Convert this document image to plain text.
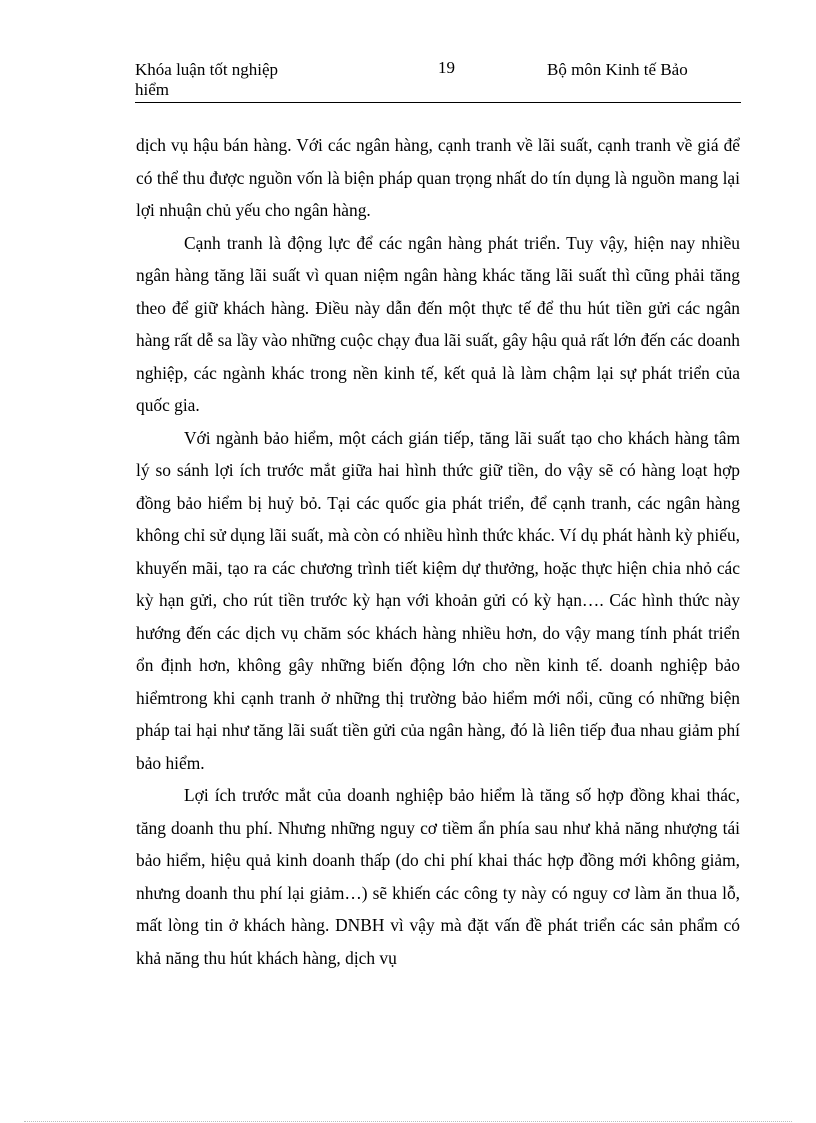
Khóa luận tốt nghiệp
hiểm
19	Bộ môn Kinh tế Bảo

dịch vụ hậu bán hàng. Với các ngân hàng, cạnh tranh về lãi suất, cạnh tranh về giá để có thể thu được nguồn vốn là biện pháp quan trọng nhất do tín dụng là nguồn mang lại lợi nhuận chủ yếu cho ngân hàng.

Cạnh tranh là động lực để các ngân hàng phát triển. Tuy vậy, hiện nay nhiều ngân hàng tăng lãi suất vì quan niệm ngân hàng khác tăng lãi suất thì cũng phải tăng theo để giữ khách hàng. Điều này dẫn đến một thực tế để thu hút tiền gửi các ngân hàng rất dễ sa lầy vào những cuộc chạy đua lãi suất, gây hậu quả rất lớn đến các doanh nghiệp, các ngành khác trong nền kinh tế, kết quả là làm chậm lại sự phát triển của quốc gia.

Với ngành bảo hiểm, một cách gián tiếp, tăng lãi suất tạo cho khách hàng tâm lý so sánh lợi ích trước mắt giữa hai hình thức giữ tiền, do vậy sẽ có hàng loạt hợp đồng bảo hiểm bị huỷ bỏ. Tại các quốc gia phát triển, để cạnh tranh, các ngân hàng không chỉ sử dụng lãi suất, mà còn có nhiều hình thức khác. Ví dụ phát hành kỳ phiếu, khuyến mãi, tạo ra các chương trình tiết kiệm dự thưởng, hoặc thực hiện chia nhỏ các kỳ hạn gửi, cho rút tiền trước kỳ hạn với khoản gửi có kỳ hạn…. Các hình thức này hướng đến các dịch vụ chăm sóc khách hàng nhiều hơn, do vậy mang tính phát triển ổn định hơn, không gây những biến động lớn cho nền kinh tế. doanh nghiệp bảo hiểmtrong khi cạnh tranh ở những thị trường bảo hiểm mới nổi, cũng có những biện pháp tai hại như tăng lãi suất tiền gửi của ngân hàng, đó là liên tiếp đua nhau giảm phí bảo hiểm.

Lợi ích trước mắt của doanh nghiệp bảo hiểm là tăng số hợp đồng khai thác, tăng doanh thu phí. Nhưng những nguy cơ tiềm ẩn phía sau như khả năng nhượng tái bảo hiểm, hiệu quả kinh doanh thấp (do chi phí khai thác hợp đồng mới không giảm, nhưng doanh thu phí lại giảm…) sẽ khiến các công ty này có nguy cơ làm ăn thua lỗ, mất lòng tin ở khách hàng. DNBH vì vậy mà đặt vấn đề phát triển các sản phẩm có khả năng thu hút khách hàng, dịch vụ
